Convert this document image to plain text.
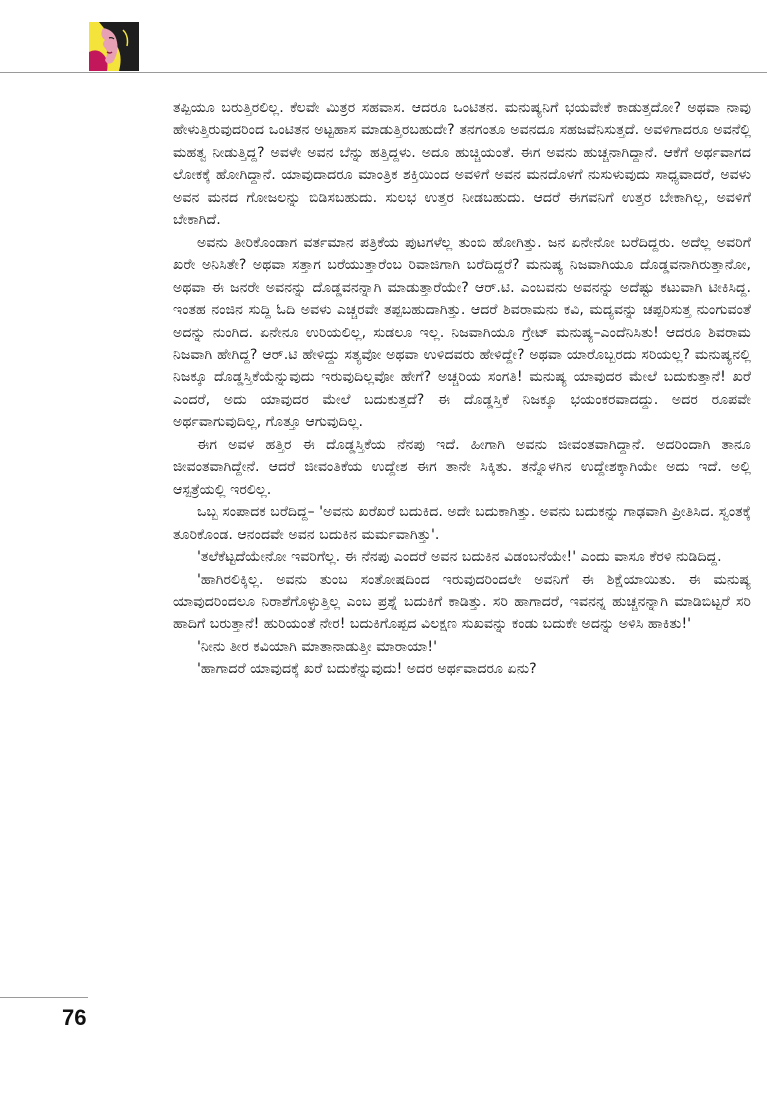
ತಪ್ಪಿಯೂ ಬರುತ್ತಿರಲಿಲ್ಲ. ಕೆಲವೇ ಮಿತ್ರರ ಸಹವಾಸ. ಆದರೂ ಒಂಟಿತನ. ಮನುಷ್ಯನಿಗೆ ಭಯವೇಕೆ ಕಾಡುತ್ತದೋ? ಅಥವಾ ನಾವು ಹೇಳುತ್ತಿರುವುದರಿಂದ ಒಂಟಿತನ ಅಟ್ಟಹಾಸ ಮಾಡುತ್ತಿರಬಹುದೇ? ತನಗಂತೂ ಅವನದೂ ಸಹಜವೆನಿಸುತ್ತದೆ. ಅವಳಿಗಾದರೂ ಅವನೆಲ್ಲಿ ಮಹತ್ವ ನೀಡುತ್ತಿದ್ದ? ಅವಳೇ ಅವನ ಬೆನ್ನು ಹತ್ತಿದ್ದಳು. ಅದೂ ಹುಚ್ಚಿಯಂತೆ. ಈಗ ಅವನು ಹುಚ್ಚನಾಗಿದ್ದಾನೆ. ಆಕೆಗೆ ಅರ್ಥವಾಗದ ಲೋಕಕ್ಕೆ ಹೋಗಿದ್ದಾನೆ. ಯಾವುದಾದರೂ ಮಾಂತ್ರಿಕ ಶಕ್ತಿಯಿಂದ ಅವಳಿಗೆ ಅವನ ಮನದೊಳಗೆ ನುಸುಳುವುದು ಸಾಧ್ಯವಾದರೆ, ಅವಳು ಅವನ ಮನದ ಗೋಜಲನ್ನು ಬಿಡಿಸಬಹುದು. ಸುಲಭ ಉತ್ತರ ನೀಡಬಹುದು. ಆದರೆ ಈಗವನಿಗೆ ಉತ್ತರ ಬೇಕಾಗಿಲ್ಲ, ಅವಳಿಗೆ ಬೇಕಾಗಿದೆ.

ಅವನು ತೀರಿಕೊಂಡಾಗ ವರ್ತಮಾನ ಪತ್ರಿಕೆಯ ಪುಟಗಳೆಲ್ಲ ತುಂಬಿ ಹೋಗಿತ್ತು. ಜನ ಏನೇನೋ ಬರೆದಿದ್ದರು. ಅದೆಲ್ಲ ಅವರಿಗೆ ಖರೇ ಅನಿಸಿತೇ? ಅಥವಾ ಸತ್ತಾಗ ಬರೆಯುತ್ತಾರೆಂಬ ರಿವಾಜಿಗಾಗಿ ಬರೆದಿದ್ದರೆ? ಮನುಷ್ಯ ನಿಜವಾಗಿಯೂ ದೊಡ್ಡವನಾಗಿರುತ್ತಾನೋ, ಅಥವಾ ಈ ಜನರೇ ಅವನನ್ನು ದೊಡ್ಡವನನ್ನಾಗಿ ಮಾಡುತ್ತಾರೆಯೇ? ಆರ್.ಟಿ. ಎಂಬವನು ಅವನನ್ನು ಅದೆಷ್ಟು ಕಟುವಾಗಿ ಟೀಕಿಸಿದ್ದ. ಇಂತಹ ನಂಜಿನ ಸುದ್ದಿ ಓದಿ ಅವಳು ಎಚ್ಚರವೇ ತಪ್ಪಬಹುದಾಗಿತ್ತು. ಆದರೆ ಶಿವರಾಮನು ಕವಿ, ಮದ್ಯವನ್ನು ಚಪ್ಪರಿಸುತ್ತ ನುಂಗುವಂತೆ ಅದನ್ನು ನುಂಗಿದ. ಏನೇನೂ ಉರಿಯಲಿಲ್ಲ, ಸುಡಲೂ ಇಲ್ಲ. ನಿಜವಾಗಿಯೂ ಗ್ರೇಟ್ ಮನುಷ್ಯ–ಎಂದೆನಿಸಿತು! ಆದರೂ ಶಿವರಾಮ ನಿಜವಾಗಿ ಹೇಗಿದ್ದ? ಆರ್.ಟಿ ಹೇಳಿದ್ದು ಸತ್ಯವೋ ಅಥವಾ ಉಳಿದವರು ಹೇಳಿದ್ದೇ? ಅಥವಾ ಯಾರೊಬ್ಬರದು ಸರಿಯಲ್ಲ? ಮನುಷ್ಯನಲ್ಲಿ ನಿಜಕ್ಕೂ ದೊಡ್ಡಸ್ತಿಕೆಯೆನ್ನುವುದು ಇರುವುದಿಲ್ಲವೋ ಹೇಗೆ? ಅಚ್ಚರಿಯ ಸಂಗತಿ! ಮನುಷ್ಯ ಯಾವುದರ ಮೇಲೆ ಬದುಕುತ್ತಾನೆ! ಖರೆ ಎಂದರೆ, ಅದು ಯಾವುದರ ಮೇಲೆ ಬದುಕುತ್ತದೆ? ಈ ದೊಡ್ಡಸ್ತಿಕೆ ನಿಜಕ್ಕೂ ಭಯಂಕರವಾದದ್ದು. ಅದರ ರೂಪವೇ ಅರ್ಥವಾಗುವುದಿಲ್ಲ, ಗೊತ್ತೂ ಆಗುವುದಿಲ್ಲ.

ಈಗ ಅವಳ ಹತ್ತಿರ ಈ ದೊಡ್ಡಸ್ತಿಕೆಯ ನೆನಪು ಇದೆ. ಹೀಗಾಗಿ ಅವನು ಜೀವಂತವಾಗಿದ್ದಾನೆ. ಅದರಿಂದಾಗಿ ತಾನೂ ಜೀವಂತವಾಗಿದ್ದೇನೆ. ಆದರೆ ಜೀವಂತಿಕೆಯ ಉದ್ದೇಶ ಈಗ ತಾನೇ ಸಿಕ್ಕಿತು. ತನ್ನೊಳಗಿನ ಉದ್ದೇಶಕ್ಕಾಗಿಯೇ ಅದು ಇದೆ. ಅಲ್ಲಿ ಆಸ್ಪತ್ರೆಯಲ್ಲಿ ಇರಲಿಲ್ಲ.

ಒಬ್ಬ ಸಂಪಾದಕ ಬರೆದಿದ್ದ– 'ಅವನು ಖರೆಖರೆ ಬದುಕಿದ. ಅದೇ ಬದುಕಾಗಿತ್ತು. ಅವನು ಬದುಕನ್ನು ಗಾಢವಾಗಿ ಪ್ರೀತಿಸಿದ. ಸ್ವಂತಕ್ಕೆ ತೂರಿಕೊಂಡ. ಆನಂದವೇ ಅವನ ಬದುಕಿನ ಮರ್ಮವಾಗಿತ್ತು'.

'ತಲೆಕೆಟ್ಟದೆಯೇನೋ ಇವರಿಗೆಲ್ಲ. ಈ ನೆನಪು ಎಂದರೆ ಅವನ ಬದುಕಿನ ವಿಡಂಬನೆಯೇ!' ಎಂದು ವಾಸೂ ಕೆರಳಿ ನುಡಿದಿದ್ದ.

'ಹಾಗಿರಲಿಕ್ಕಿಲ್ಲ. ಅವನು ತುಂಬ ಸಂತೋಷದಿಂದ ಇರುವುದರಿಂದಲೇ ಅವನಿಗೆ ಈ ಶಿಕ್ಷೆಯಾಯಿತು. ಈ ಮನುಷ್ಯ ಯಾವುದರಿಂದಲೂ ನಿರಾಶೆಗೊಳ್ಳುತ್ತಿಲ್ಲ ಎಂಬ ಪ್ರಶ್ನೆ ಬದುಕಿಗೆ ಕಾಡಿತ್ತು. ಸರಿ ಹಾಗಾದರೆ, ಇವನನ್ನ ಹುಚ್ಚನನ್ನಾಗಿ ಮಾಡಿಬಿಟ್ಟರೆ ಸರಿ ಹಾದಿಗೆ ಬರುತ್ತಾನೆ! ಹುರಿಯಂತೆ ನೇರ! ಬದುಕಿಗೊಪ್ಪದ ವಿಲಕ್ಷಣ ಸುಖವನ್ನು ಕಂಡು ಬದುಕೇ ಅದನ್ನು ಅಳಿಸಿ ಹಾಕಿತು!'

'ನೀನು ತೀರ ಕವಿಯಾಗಿ ಮಾತಾನಾಡುತ್ತೀ ಮಾರಾಯಾ!'

'ಹಾಗಾದರೆ ಯಾವುದಕ್ಕೆ ಖರೆ ಬದುಕೆನ್ನುವುದು! ಅದರ ಅರ್ಥವಾದರೂ ಏನು?

76
